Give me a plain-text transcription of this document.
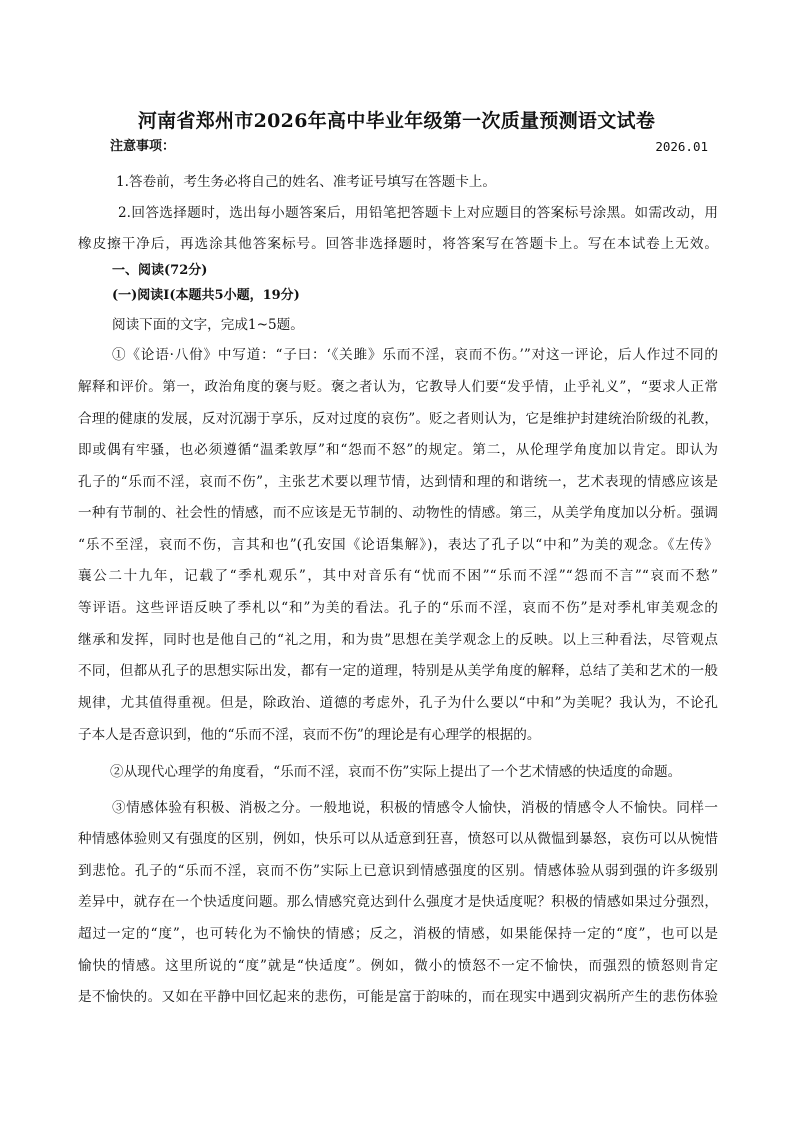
河南省郑州市2026年高中毕业年级第一次质量预测语文试卷
注意事项：	2026.01
1.答卷前，考生务必将自己的姓名、准考证号填写在答题卡上。
2.回答选择题时，选出每小题答案后，用铅笔把答题卡上对应题目的答案标号涂黑。如需改动，用
橡皮擦干净后，再选涂其他答案标号。回答非选择题时，将答案写在答题卡上。写在本试卷上无效。
一、阅读(72分)
(一)阅读Ⅰ(本题共5小题，19分)
阅读下面的文字，完成1~5题。
①《论语·八佾》中写道：“子曰：‘《关雎》乐而不淫，哀而不伤。’”对这一评论，后人作过不同的
解释和评价。第一，政治角度的褒与贬。褒之者认为，它教导人们要“发乎情，止乎礼义”，“要求人正常
合理的健康的发展，反对沉溺于享乐，反对过度的哀伤”。贬之者则认为，它是维护封建统治阶级的礼教，
即或偶有牢骚，也必须遵循“温柔敦厚”和“怨而不怒”的规定。第二，从伦理学角度加以肯定。即认为
孔子的“乐而不淫，哀而不伤”，主张艺术要以理节情，达到情和理的和谐统一，艺术表现的情感应该是
一种有节制的、社会性的情感，而不应该是无节制的、动物性的情感。第三，从美学角度加以分析。强调
“乐不至淫，哀而不伤，言其和也”(孔安国《论语集解》)，表达了孔子以“中和”为美的观念。《左传》
襄公二十九年，记载了“季札观乐”，其中对音乐有“忧而不困”“乐而不淫”“怨而不言”“哀而不愁”
等评语。这些评语反映了季札以“和”为美的看法。孔子的“乐而不淫，哀而不伤”是对季札审美观念的
继承和发挥，同时也是他自己的“礼之用，和为贵”思想在美学观念上的反映。以上三种看法，尽管观点
不同，但都从孔子的思想实际出发，都有一定的道理，特别是从美学角度的解释，总结了美和艺术的一般
规律，尤其值得重视。但是，除政治、道德的考虑外，孔子为什么要以“中和”为美呢？我认为，不论孔
子本人是否意识到，他的“乐而不淫，哀而不伤”的理论是有心理学的根据的。
②从现代心理学的角度看，“乐而不淫，哀而不伤”实际上提出了一个艺术情感的快适度的命题。
③情感体验有积极、消极之分。一般地说，积极的情感令人愉快，消极的情感令人不愉快。同样一
种情感体验则又有强度的区别，例如，快乐可以从适意到狂喜，愤怒可以从微愠到暴怒，哀伤可以从惋惜
到悲怆。孔子的“乐而不淫，哀而不伤”实际上已意识到情感强度的区别。情感体验从弱到强的许多级别
差异中，就存在一个快适度问题。那么情感究竟达到什么强度才是快适度呢？积极的情感如果过分强烈，
超过一定的“度”，也可转化为不愉快的情感；反之，消极的情感，如果能保持一定的“度”，也可以是
愉快的情感。这里所说的“度”就是“快适度”。例如，微小的愤怒不一定不愉快，而强烈的愤怒则肯定
是不愉快的。又如在平静中回忆起来的悲伤，可能是富于韵味的，而在现实中遇到灾祸所产生的悲伤体验
